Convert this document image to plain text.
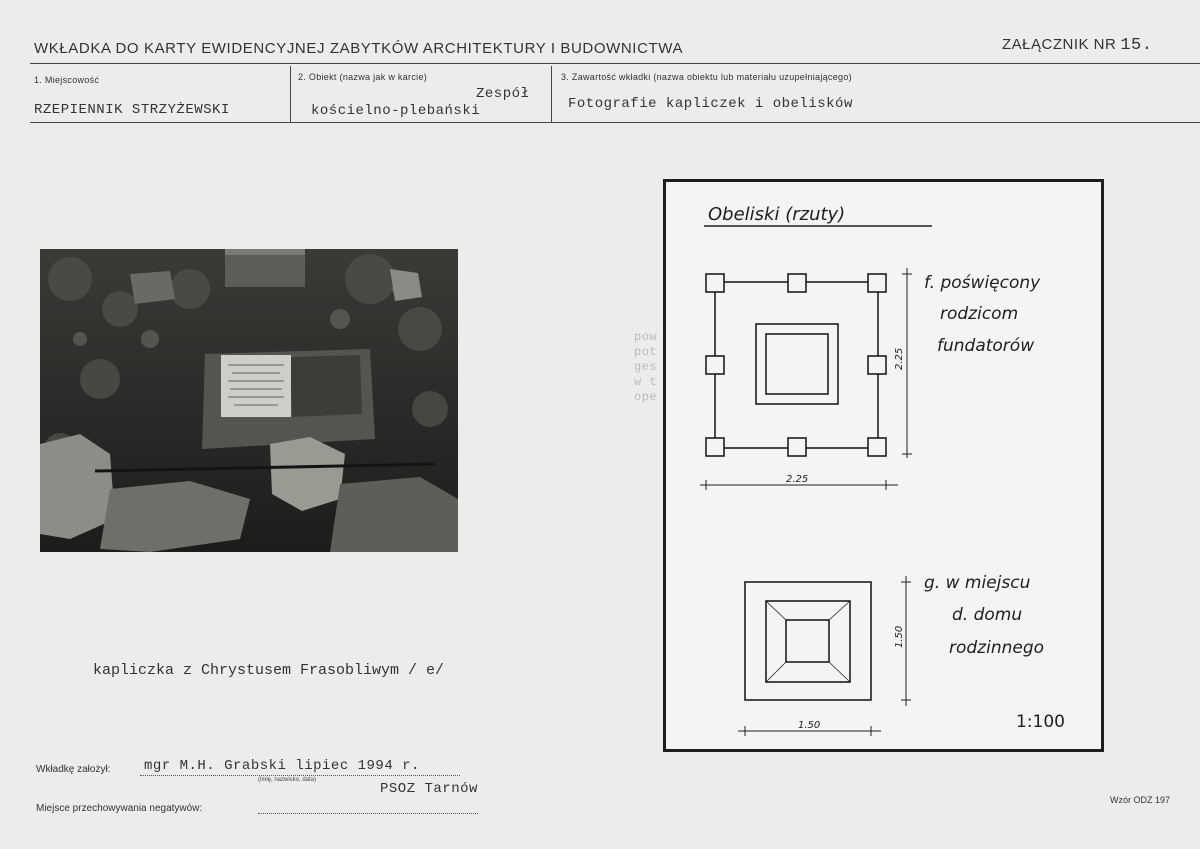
WKŁADKA DO KARTY EWIDENCYJNEJ ZABYTKÓW ARCHITEKTURY I BUDOWNICTWA	ZAŁĄCZNIK NR 15.
1. Miejscowość
RZEPIENNIK STRZYŻEWSKI
2. Obiekt (nazwa jak w karcie)
Zespół
kościelno-plebański
3. Zawartość wkładki (nazwa obiektu lub materiału uzupełniającego)
Fotografie kapliczek i obelisków
pow
pot
ges
w t
ope
Obeliski (rzuty)
f. poświęcony
rodzicom
fundatorów
2.25
2.25
g. w miejscu
d. domu
rodzinnego
1.50
1.50
1:100
kapliczka z Chrystusem Frasobliwym / e/
Wkładkę założył: mgr M.H. Grabski lipiec 1994 r.
(imię, nazwisko, data)
PSOZ Tarnów
Miejsce przechowywania negatywów:
Wzór ODZ 197
